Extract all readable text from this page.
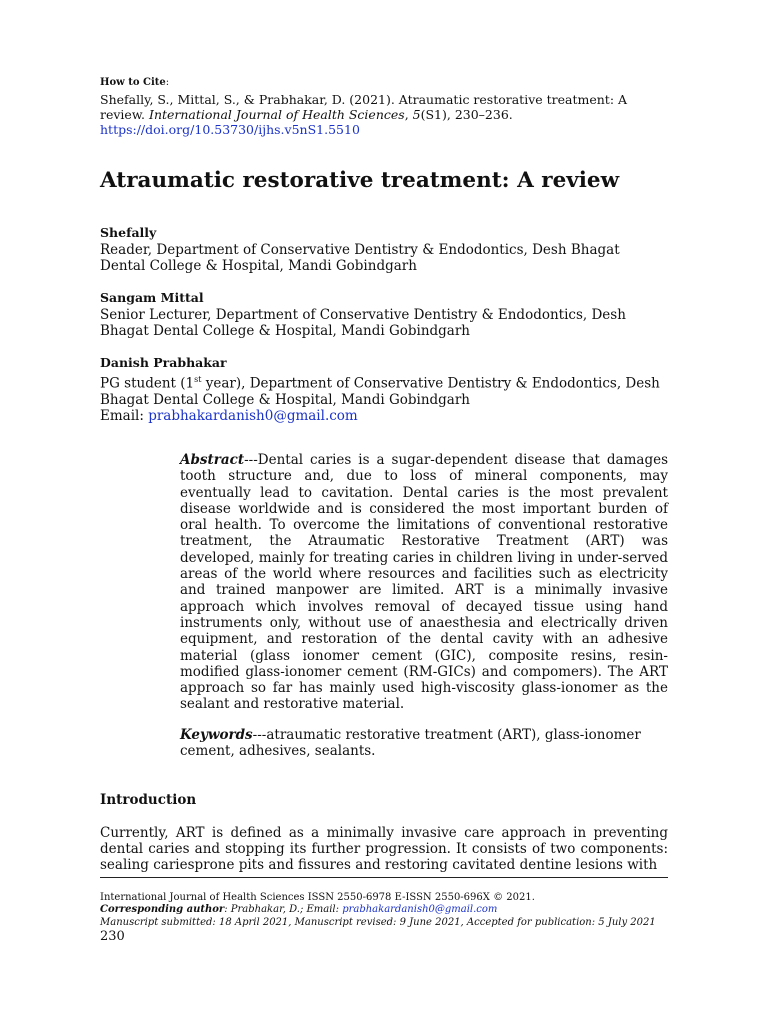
How to Cite:

Shefally, S., Mittal, S., & Prabhakar, D. (2021). Atraumatic restorative treatment: A review. International Journal of Health Sciences, 5(S1), 230–236.
https://doi.org/10.53730/ijhs.v5nS1.5510

Atraumatic restorative treatment: A review

Shefally

Reader, Department of Conservative Dentistry & Endodontics, Desh Bhagat Dental College & Hospital, Mandi Gobindgarh

Sangam Mittal

Senior Lecturer, Department of Conservative Dentistry & Endodontics, Desh Bhagat Dental College & Hospital, Mandi Gobindgarh

Danish Prabhakar

PG student (1st year), Department of Conservative Dentistry & Endodontics, Desh Bhagat Dental College & Hospital, Mandi Gobindgarh
Email: prabhakardanish0@gmail.com

Abstract---Dental caries is a sugar-dependent disease that damages tooth structure and, due to loss of mineral components, may eventually lead to cavitation. Dental caries is the most prevalent disease worldwide and is considered the most important burden of oral health. To overcome the limitations of conventional restorative treatment, the Atraumatic Restorative Treatment (ART) was developed, mainly for treating caries in children living in under-served areas of the world where resources and facilities such as electricity and trained manpower are limited. ART is a minimally invasive approach which involves removal of decayed tissue using hand instruments only, without use of anaesthesia and electrically driven equipment, and restoration of the dental cavity with an adhesive material (glass ionomer cement (GIC), composite resins, resin-modified glass-ionomer cement (RM-GICs) and compomers). The ART approach so far has mainly used high-viscosity glass-ionomer as the sealant and restorative material.

Keywords---atraumatic restorative treatment (ART), glass-ionomer cement, adhesives, sealants.

Introduction

Currently, ART is defined as a minimally invasive care approach in preventing dental caries and stopping its further progression. It consists of two components: sealing cariesprone pits and fissures and restoring cavitated dentine lesions with

International Journal of Health Sciences ISSN 2550-6978 E-ISSN 2550-696X © 2021.

Corresponding author: Prabhakar, D.; Email: prabhakardanish0@gmail.com

Manuscript submitted: 18 April 2021, Manuscript revised: 9 June 2021, Accepted for publication: 5 July 2021

230
